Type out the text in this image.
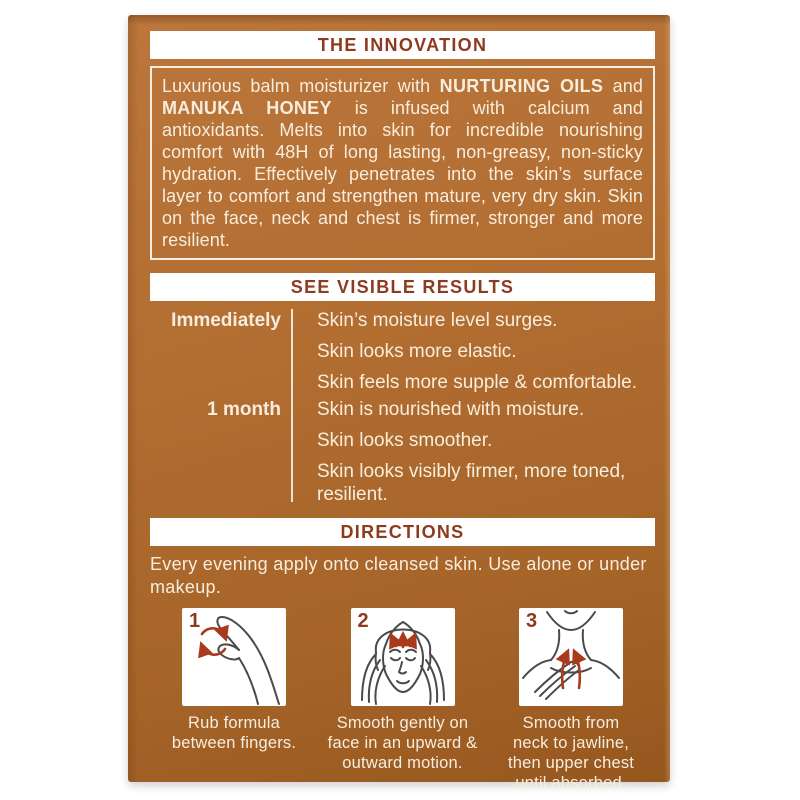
THE INNOVATION
Luxurious balm moisturizer with NURTURING OILS and MANUKA HONEY is infused with calcium and antioxidants. Melts into skin for incredible nourishing comfort with 48H of long lasting, non-greasy, non-sticky hydration. Effectively penetrates into the skin’s surface layer to comfort and strengthen mature, very dry skin. Skin on the face, neck and chest is firmer, stronger and more resilient.
SEE VISIBLE RESULTS
Immediately	Skin’s moisture level surges.
Skin looks more elastic.
Skin feels more supple & comfortable.
1 month	Skin is nourished with moisture.
Skin looks smoother.
Skin looks visibly firmer, more toned, resilient.
DIRECTIONS
Every evening apply onto cleansed skin. Use alone or under makeup.
1
Rub formula
between fingers.
2
Smooth gently on
face in an upward &
outward motion.
3
Smooth from
neck to jawline,
then upper chest
until absorbed.
